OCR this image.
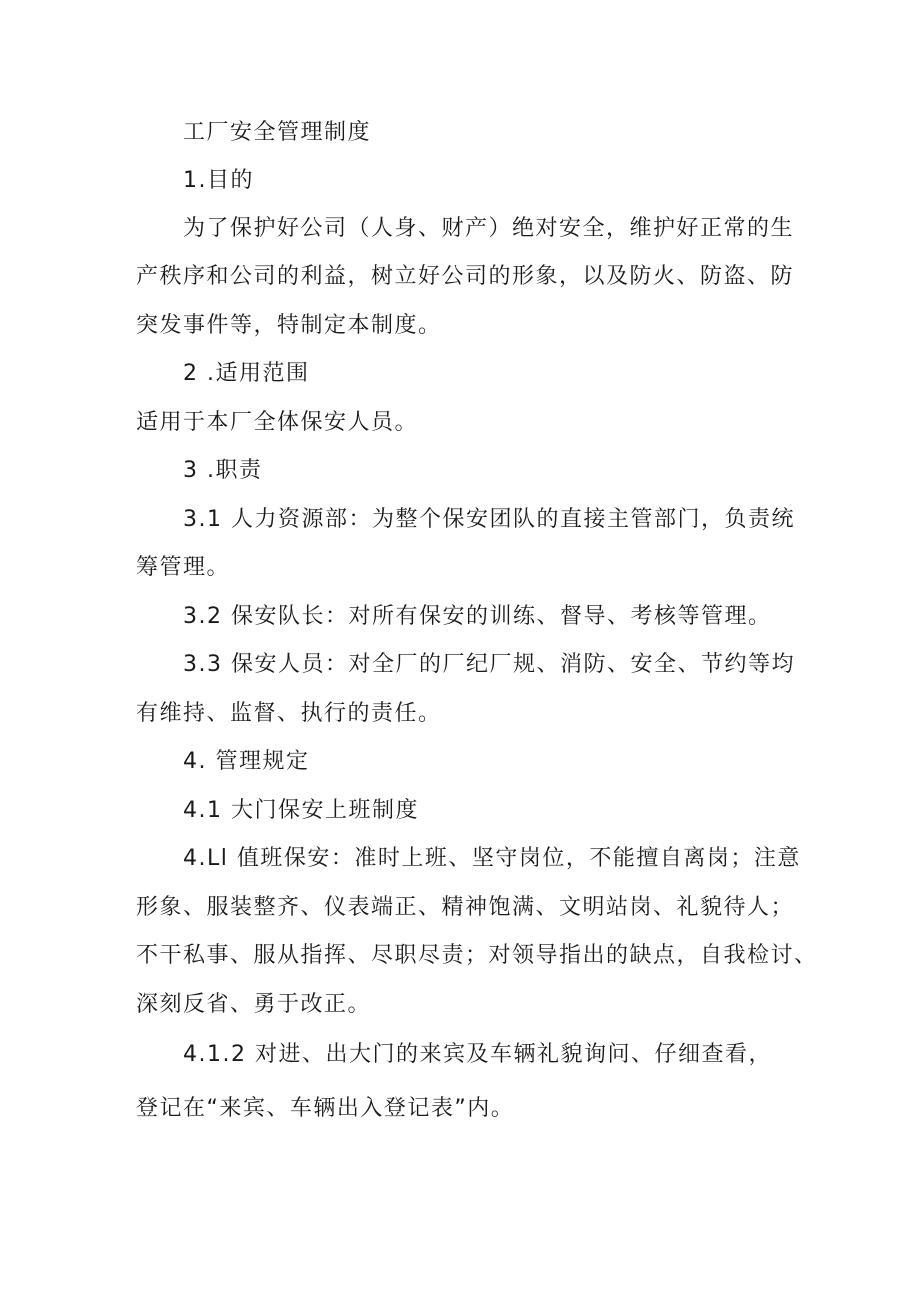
工厂安全管理制度
1.目的
为了保护好公司（人身、财产）绝对安全，维护好正常的生
产秩序和公司的利益，树立好公司的形象，以及防火、防盗、防
突发事件等，特制定本制度。
2 .适用范围
适用于本厂全体保安人员。
3 .职责
3.1 人力资源部：为整个保安团队的直接主管部门，负责统
筹管理。
3.2 保安队长：对所有保安的训练、督导、考核等管理。
3.3 保安人员：对全厂的厂纪厂规、消防、安全、节约等均
有维持、监督、执行的责任。
4. 管理规定
4.1 大门保安上班制度
4.Ll 值班保安：准时上班、坚守岗位，不能擅自离岗；注意
形象、服装整齐、仪表端正、精神饱满、文明站岗、礼貌待人；
不干私事、服从指挥、尽职尽责；对领导指出的缺点，自我检讨、
深刻反省、勇于改正。
4.1.2 对进、出大门的来宾及车辆礼貌询问、仔细查看，
登记在“来宾、车辆出入登记表”内。
